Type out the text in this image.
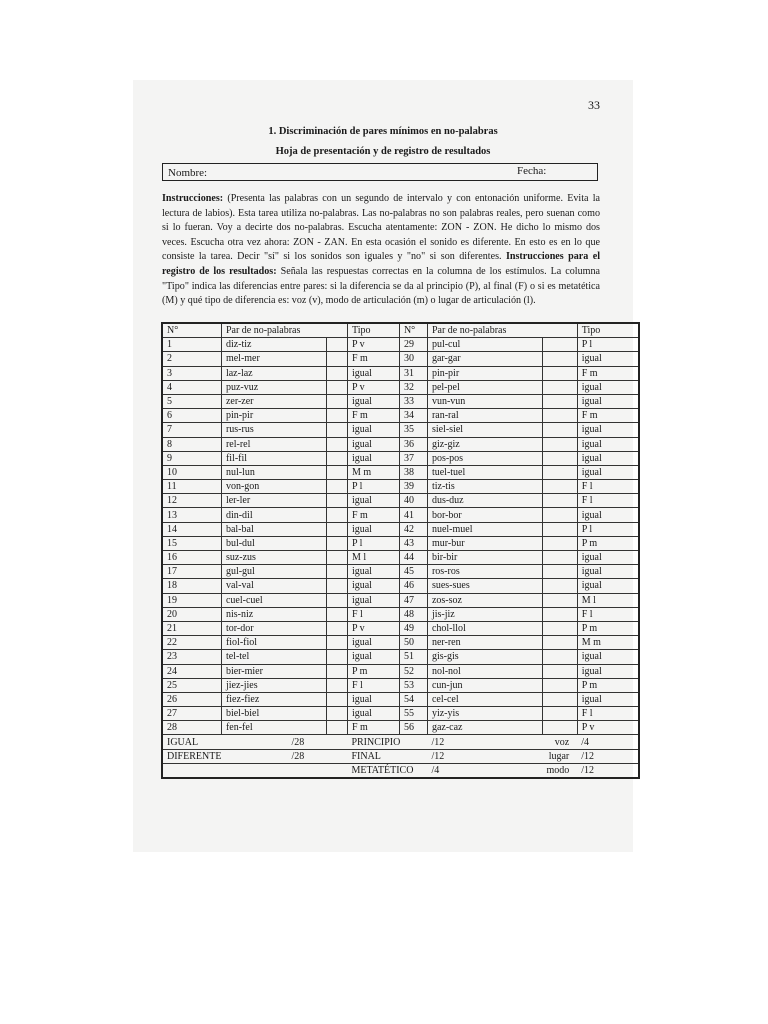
33
1. Discriminación de pares mínimos en no-palabras
Hoja de presentación y de registro de resultados
Nombre:	Fecha:
Instrucciones: (Presenta las palabras con un segundo de intervalo y con entonación uniforme. Evita la lectura de labios). Esta tarea utiliza no-palabras. Las no-palabras no son palabras reales, pero suenan como si lo fueran. Voy a decirte dos no-palabras. Escucha atentamente: ZON - ZON. He dicho lo mismo dos veces. Escucha otra vez ahora: ZON - ZAN. En esta ocasión el sonido es diferente. En esto es en lo que consiste la tarea. Decir "sí" si los sonidos son iguales y "no" si son diferentes. Instrucciones para el registro de los resultados: Señala las respuestas correctas en la columna de los estímulos. La columna "Tipo" indica las diferencias entre pares: si la diferencia se da al principio (P), al final (F) o si es metatética (M) y qué tipo de diferencia es: voz (v), modo de articulación (m) o lugar de articulación (l).
N°	Par de no-palabras		Tipo	N°	Par de no-palabras		Tipo
1	diz-tiz		P v	29	pul-cul		P l
2	mel-mer		F m	30	gar-gar		igual
3	laz-laz		igual	31	pin-pir		F m
4	puz-vuz		P v	32	pel-pel		igual
5	zer-zer		igual	33	vun-vun		igual
6	pin-pir		F m	34	ran-ral		F m
7	rus-rus		igual	35	siel-siel		igual
8	rel-rel		igual	36	giz-giz		igual
9	fil-fil		igual	37	pos-pos		igual
10	nul-lun		M m	38	tuel-tuel		igual
11	von-gon		P l	39	tiz-tis		F l
12	ler-ler		igual	40	dus-duz		F l
13	din-dil		F m	41	bor-bor		igual
14	bal-bal		igual	42	nuel-muel		P l
15	bul-dul		P l	43	mur-bur		P m
16	suz-zus		M l	44	bir-bir		igual
17	gul-gul		igual	45	ros-ros		igual
18	val-val		igual	46	sues-sues		igual
19	cuel-cuel		igual	47	zos-soz		M l
20	nis-niz		F l	48	jis-jiz		F l
21	tor-dor		P v	49	chol-llol		P m
22	fiol-fiol		igual	50	ner-ren		M m
23	tel-tel		igual	51	gis-gis		igual
24	bier-mier		P m	52	nol-nol		igual
25	jiez-jies		F l	53	cun-jun		P m
26	fiez-fiez		igual	54	cel-cel		igual
27	biel-biel		igual	55	yiz-yis		F l
28	fen-fel		F m	56	gaz-caz		P v
IGUAL	/28		PRINCIPIO		/12	voz	/4
DIFERENTE	/28		FINAL		/12	lugar	/12
			METATÉTICO		/4	modo	/12
